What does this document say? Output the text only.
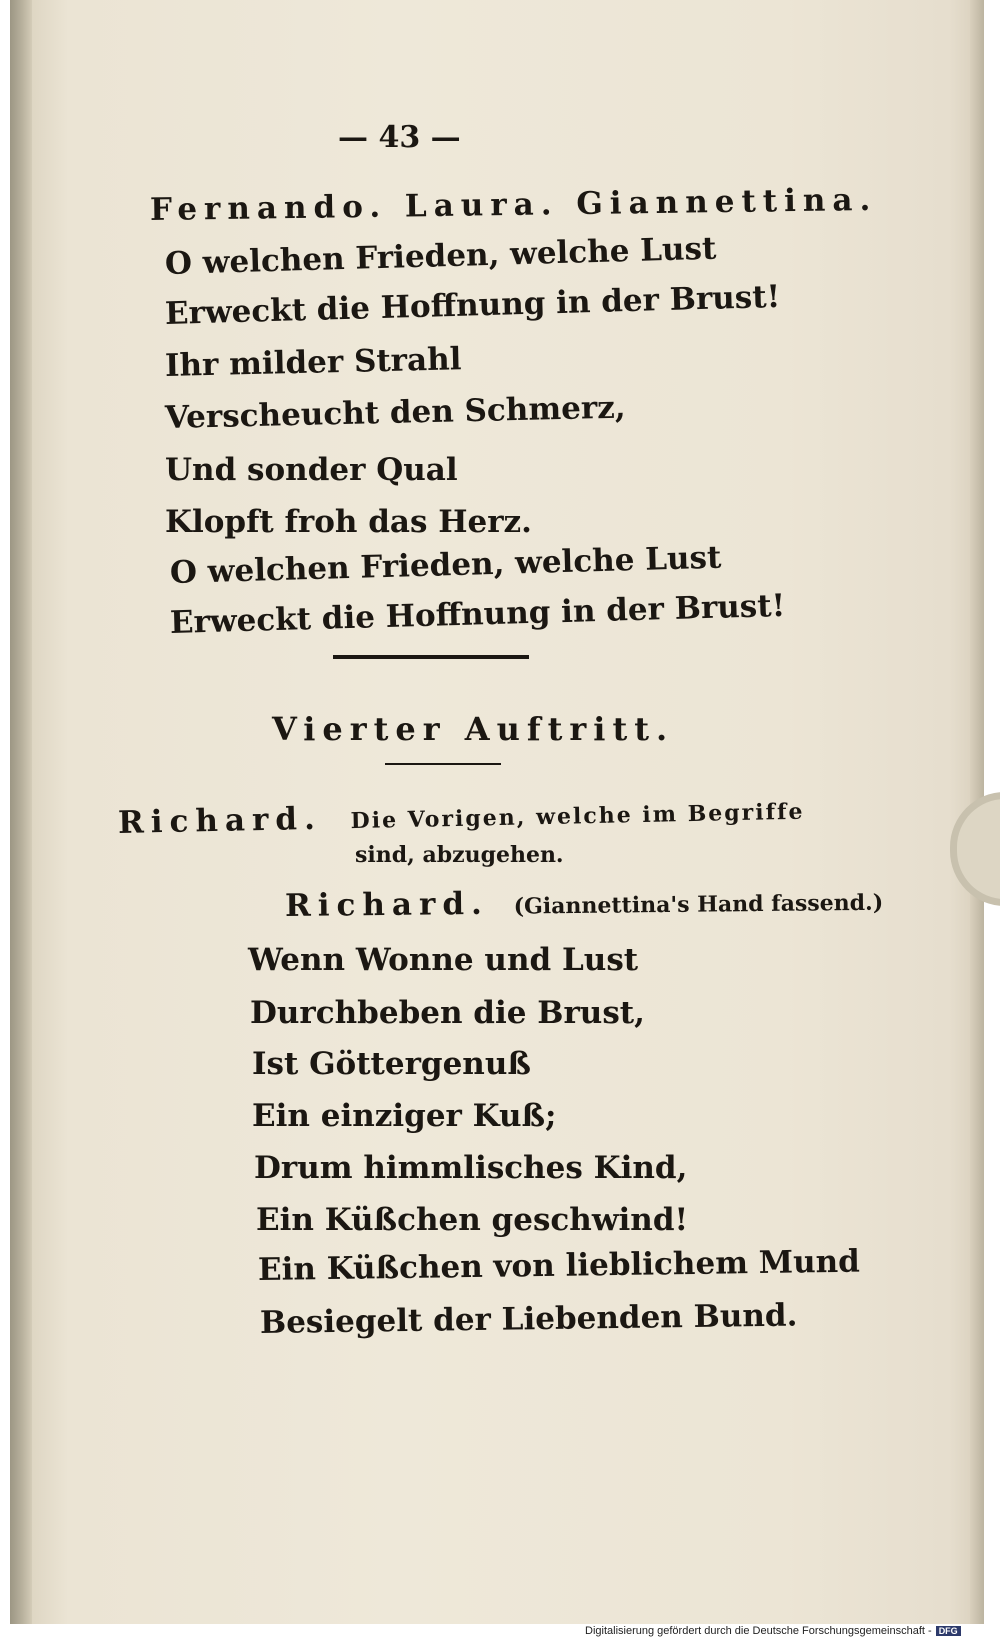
— 43 —
Fernando. Laura. Giannettina.
O welchen Frieden, welche Lust
Erweckt die Hoffnung in der Brust!
Ihr milder Strahl
Verscheucht den Schmerz,
Und sonder Qual
Klopft froh das Herz.
O welchen Frieden, welche Lust
Erweckt die Hoffnung in der Brust!
Vierter Auftritt.
Richard. Die Vorigen, welche im Begriffe
sind, abzugehen.
Richard. (Giannettina's Hand fassend.)
Wenn Wonne und Lust
Durchbeben die Brust,
Ist Göttergenuß
Ein einziger Kuß;
Drum himmlisches Kind,
Ein Küßchen geschwind!
Ein Küßchen von lieblichem Mund
Besiegelt der Liebenden Bund.
Digitalisierung gefördert durch die Deutsche Forschungsgemeinschaft - DFG
